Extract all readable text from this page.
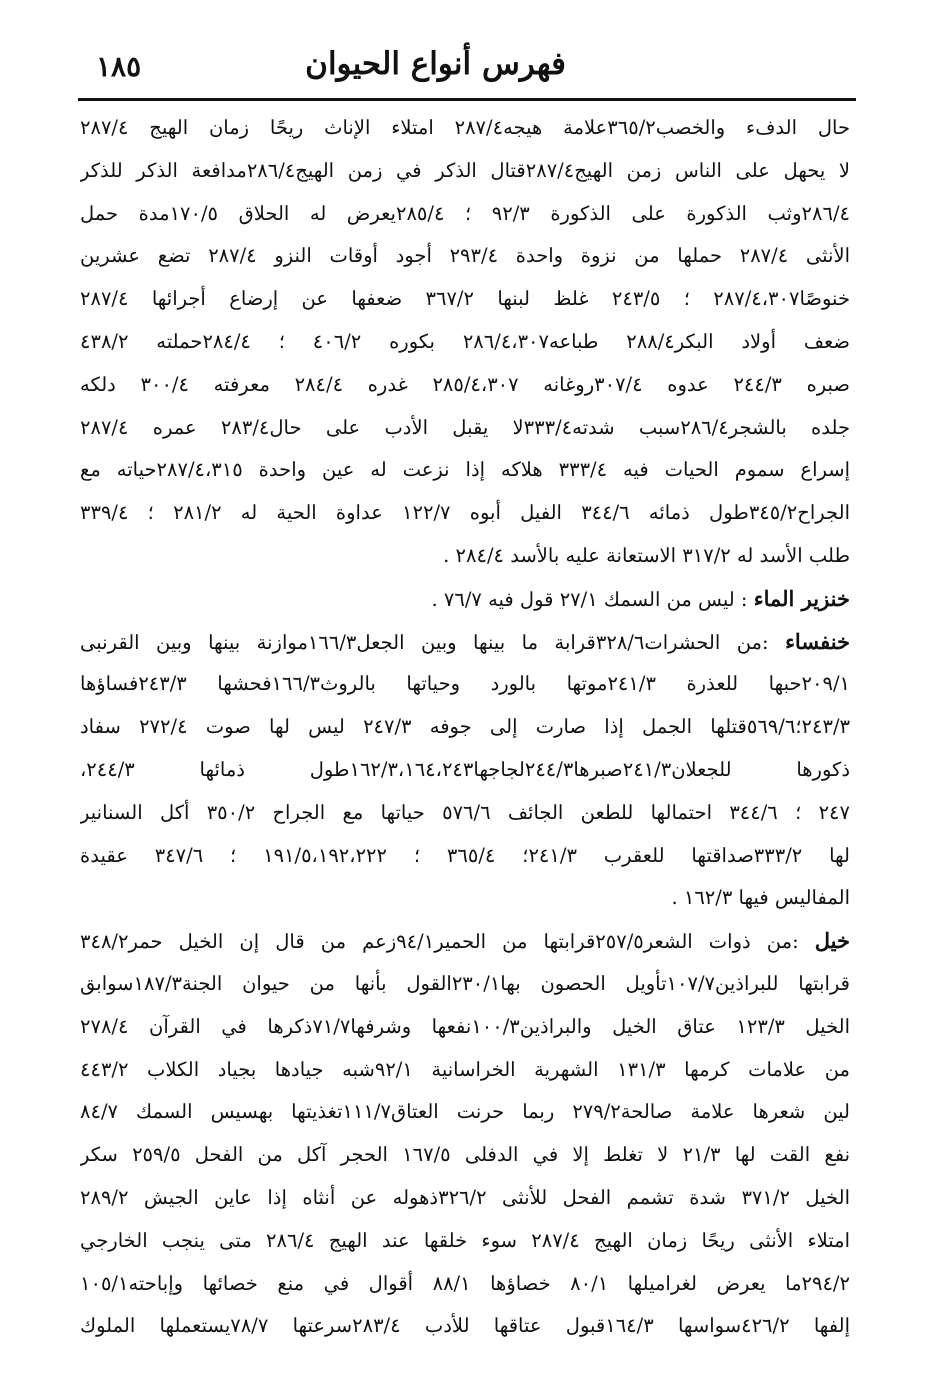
فهرس أنواع الحيوان
١٨٥
حال الدفء والخصب٣٦٥/٢علامة هيجه٢٨٧/٤ امتلاء الإناث ريحًا زمان الهيج ٢٨٧/٤
لا يحهل على الناس زمن الهيج٢٨٧/٤قتال الذكر في زمن الهيج٢٨٦/٤مدافعة الذكر للذكر
٢٨٦/٤وثب الذكورة على الذكورة ٩٢/٣ ؛ ٢٨٥/٤يعرض له الحلاق ١٧٠/٥مدة حمل
الأنثى ٢٨٧/٤ حملها من نزوة واحدة ٢٩٣/٤ أجود أوقات النزو ٢٨٧/٤ تضع عشرين
خنوصًا٢٨٧/٤،٣٠٧ ؛ ٢٤٣/٥ غلظ لبنها ٣٦٧/٢ ضعفها عن إرضاع أجرائها ٢٨٧/٤
ضعف أولاد البكر٢٨٨/٤ طباعه٢٨٦/٤،٣٠٧ بكوره ٤٠٦/٢ ؛ ٢٨٤/٤حملته ٤٣٨/٢
صبره ٢٤٤/٣ عدوه ٣٠٧/٤روغانه ٢٨٥/٤،٣٠٧ غدره ٢٨٤/٤ معرفته ٣٠٠/٤ دلكه
جلده بالشجر٢٨٦/٤سبب شدته٣٣٣/٤لا يقبل الأدب على حال٢٨٣/٤ عمره ٢٨٧/٤
إسراع سموم الحيات فيه ٣٣٣/٤ هلاكه إذا نزعت له عين واحدة ٢٨٧/٤،٣١٥حياته مع
الجراح٣٤٥/٢طول ذمائه ٣٤٤/٦ الفيل أبوه ١٢٢/٧ عداوة الحية له ٢٨١/٢ ؛ ٣٣٩/٤
طلب الأسد له ٣١٧/٢ الاستعانة عليه بالأسد ٢٨٤/٤ .
خنزير الماء : ليس من السمك ٢٧/١ قول فيه ٧٦/٧ .
خنفساء :من الحشرات٣٢٨/٦قرابة ما بينها وبين الجعل١٦٦/٣موازنة بينها وبين القرنبى
٢٠٩/١حبها للعذرة ٢٤١/٣موتها بالورد وحياتها بالروث١٦٦/٣فحشها ٢٤٣/٣فساؤها
٢٤٣/٣؛٥٦٩/٦قتلها الجمل إذا صارت إلى جوفه ٢٤٧/٣ ليس لها صوت ٢٧٢/٤ سفاد
ذكورها للجعلان٢٤١/٣صبرها٢٤٤/٣لجاجها١٦٢/٣،١٦٤،٢٤٣طول ذمائها ٢٤٤/٣،
٢٤٧ ؛ ٣٤٤/٦ احتمالها للطعن الجائف ٥٧٦/٦ حياتها مع الجراح ٣٥٠/٢ أكل السنانير
لها ٣٣٣/٢صداقتها للعقرب ٢٤١/٣؛ ٣٦٥/٤ ؛ ١٩١/٥،١٩٢،٢٢٢ ؛ ٣٤٧/٦ عقيدة
المفاليس فيها ١٦٢/٣ .
خيل :من ذوات الشعر٢٥٧/٥قرابتها من الحمير٩٤/١زعم من قال إن الخيل حمر٣٤٨/٢
قرابتها للبراذين١٠٧/٧تأويل الحصون بها٢٣٠/١القول بأنها من حيوان الجنة١٨٧/٣سوابق
الخيل ١٢٣/٣ عتاق الخيل والبراذين١٠٠/٣نفعها وشرفها٧١/٧ذكرها في القرآن ٢٧٨/٤
من علامات كرمها ١٣١/٣ الشهرية الخراسانية ٩٢/١شبه جيادها بجياد الكلاب ٤٤٣/٢
لين شعرها علامة صالحة٢٧٩/٢ ربما حرنت العتاق١١١/٧تغذيتها بهسيس السمك ٨٤/٧
نفع القت لها ٢١/٣ لا تغلط إلا في الدفلى ١٦٧/٥ الحجر آكل من الفحل ٢٥٩/٥ سكر
الخيل ٣٧١/٢ شدة تشمم الفحل للأنثى ٣٢٦/٢ذهوله عن أنثاه إذا عاين الجيش ٢٨٩/٢
امتلاء الأنثى ريحًا زمان الهيج ٢٨٧/٤ سوء خلقها عند الهيج ٢٨٦/٤ متى ينجب الخارجي
٢٩٤/٢ما يعرض لغراميلها ٨٠/١ خصاؤها ٨٨/١ أقوال في منع خصائها وإباحته١٠٥/١
إلفها ٤٢٦/٢سواسها ١٦٤/٣قبول عتاقها للأدب ٢٨٣/٤سرعتها ٧٨/٧يستعملها الملوك
